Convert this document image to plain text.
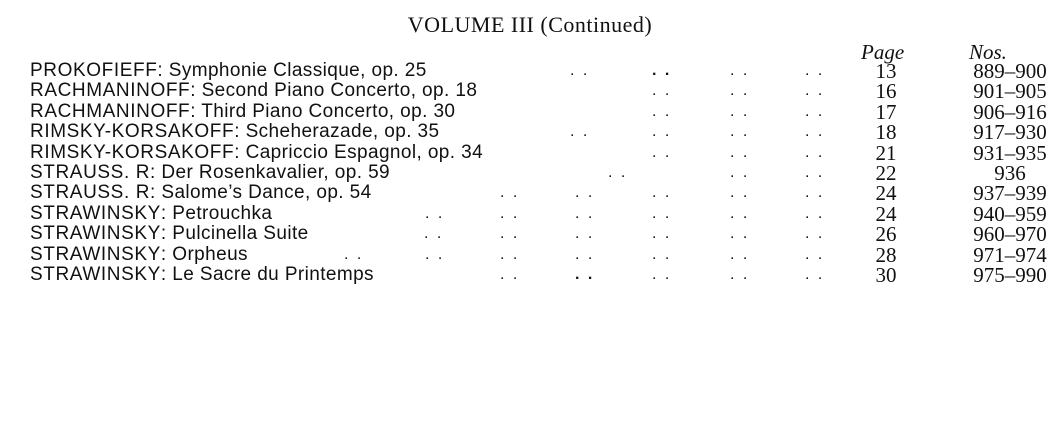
VOLUME III (Continued)
Page	Nos.
PROKOFIEFF: Symphonie Classique, op. 25	. .	. .	. .	. .	13	889–900
RACHMANINOFF: Second Piano Concerto, op. 18	. .	. .	. .	16	901–905
RACHMANINOFF: Third Piano Concerto, op. 30	. .	. .	. .	17	906–916
RIMSKY-KORSAKOFF: Scheherazade, op. 35	. .	. .	. .	. .	18	917–930
RIMSKY-KORSAKOFF: Capriccio Espagnol, op. 34	. .	. .	. .	21	931–935
STRAUSS. R: Der Rosenkavalier, op. 59	. .	. .	. .	22	936
STRAUSS. R: Salome’s Dance, op. 54	. .	. .	. .	. .	. .	24	937–939
STRAWINSKY: Petrouchka	. .	. .	. .	. .	. .	. .	24	940–959
STRAWINSKY: Pulcinella Suite	. .	. .	. .	. .	. .	. .	26	960–970
STRAWINSKY: Orpheus	. .	. .	. .	. .	. .	. .	. .	28	971–974
STRAWINSKY: Le Sacre du Printemps	. .	. .	. .	. .	. .	30	975–990
